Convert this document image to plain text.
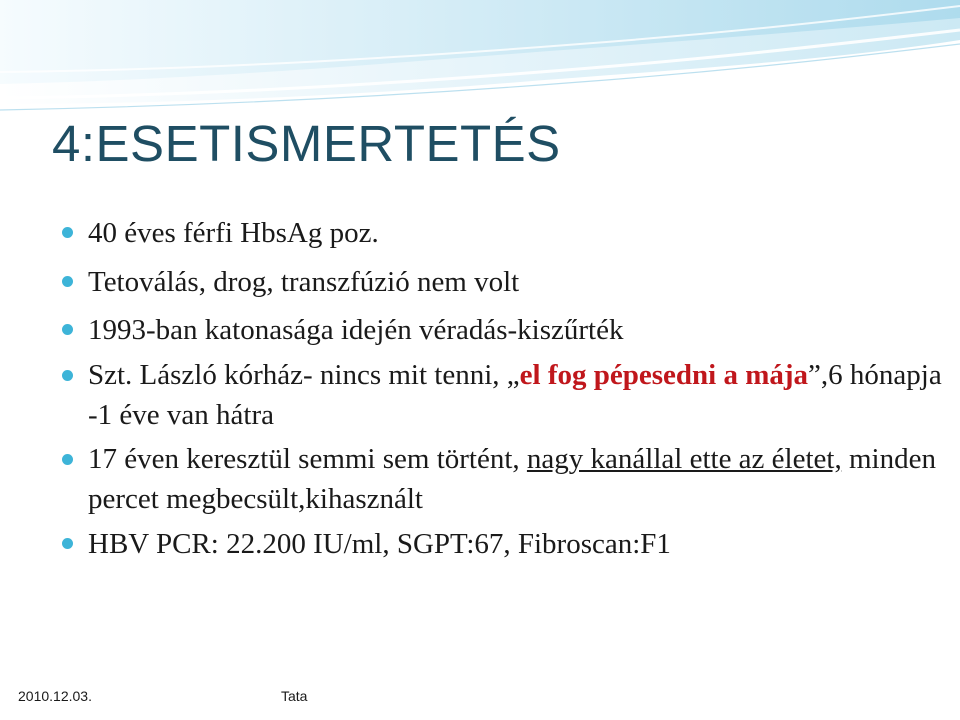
4:ESETISMERTETÉS
40 éves férfi HbsAg poz.
Tetoválás, drog, transzfúzió nem volt
1993-ban katonasága idején véradás-kiszűrték
Szt. László kórház- nincs mit tenni, „el fog pépesedni a mája”,6 hónapja -1 éve van hátra
17 éven keresztül semmi sem történt, nagy kanállal ette az életet, minden percet megbecsült,kihasznált
HBV PCR: 22.200 IU/ml, SGPT:67, Fibroscan:F1
2010.12.03.	Tata
